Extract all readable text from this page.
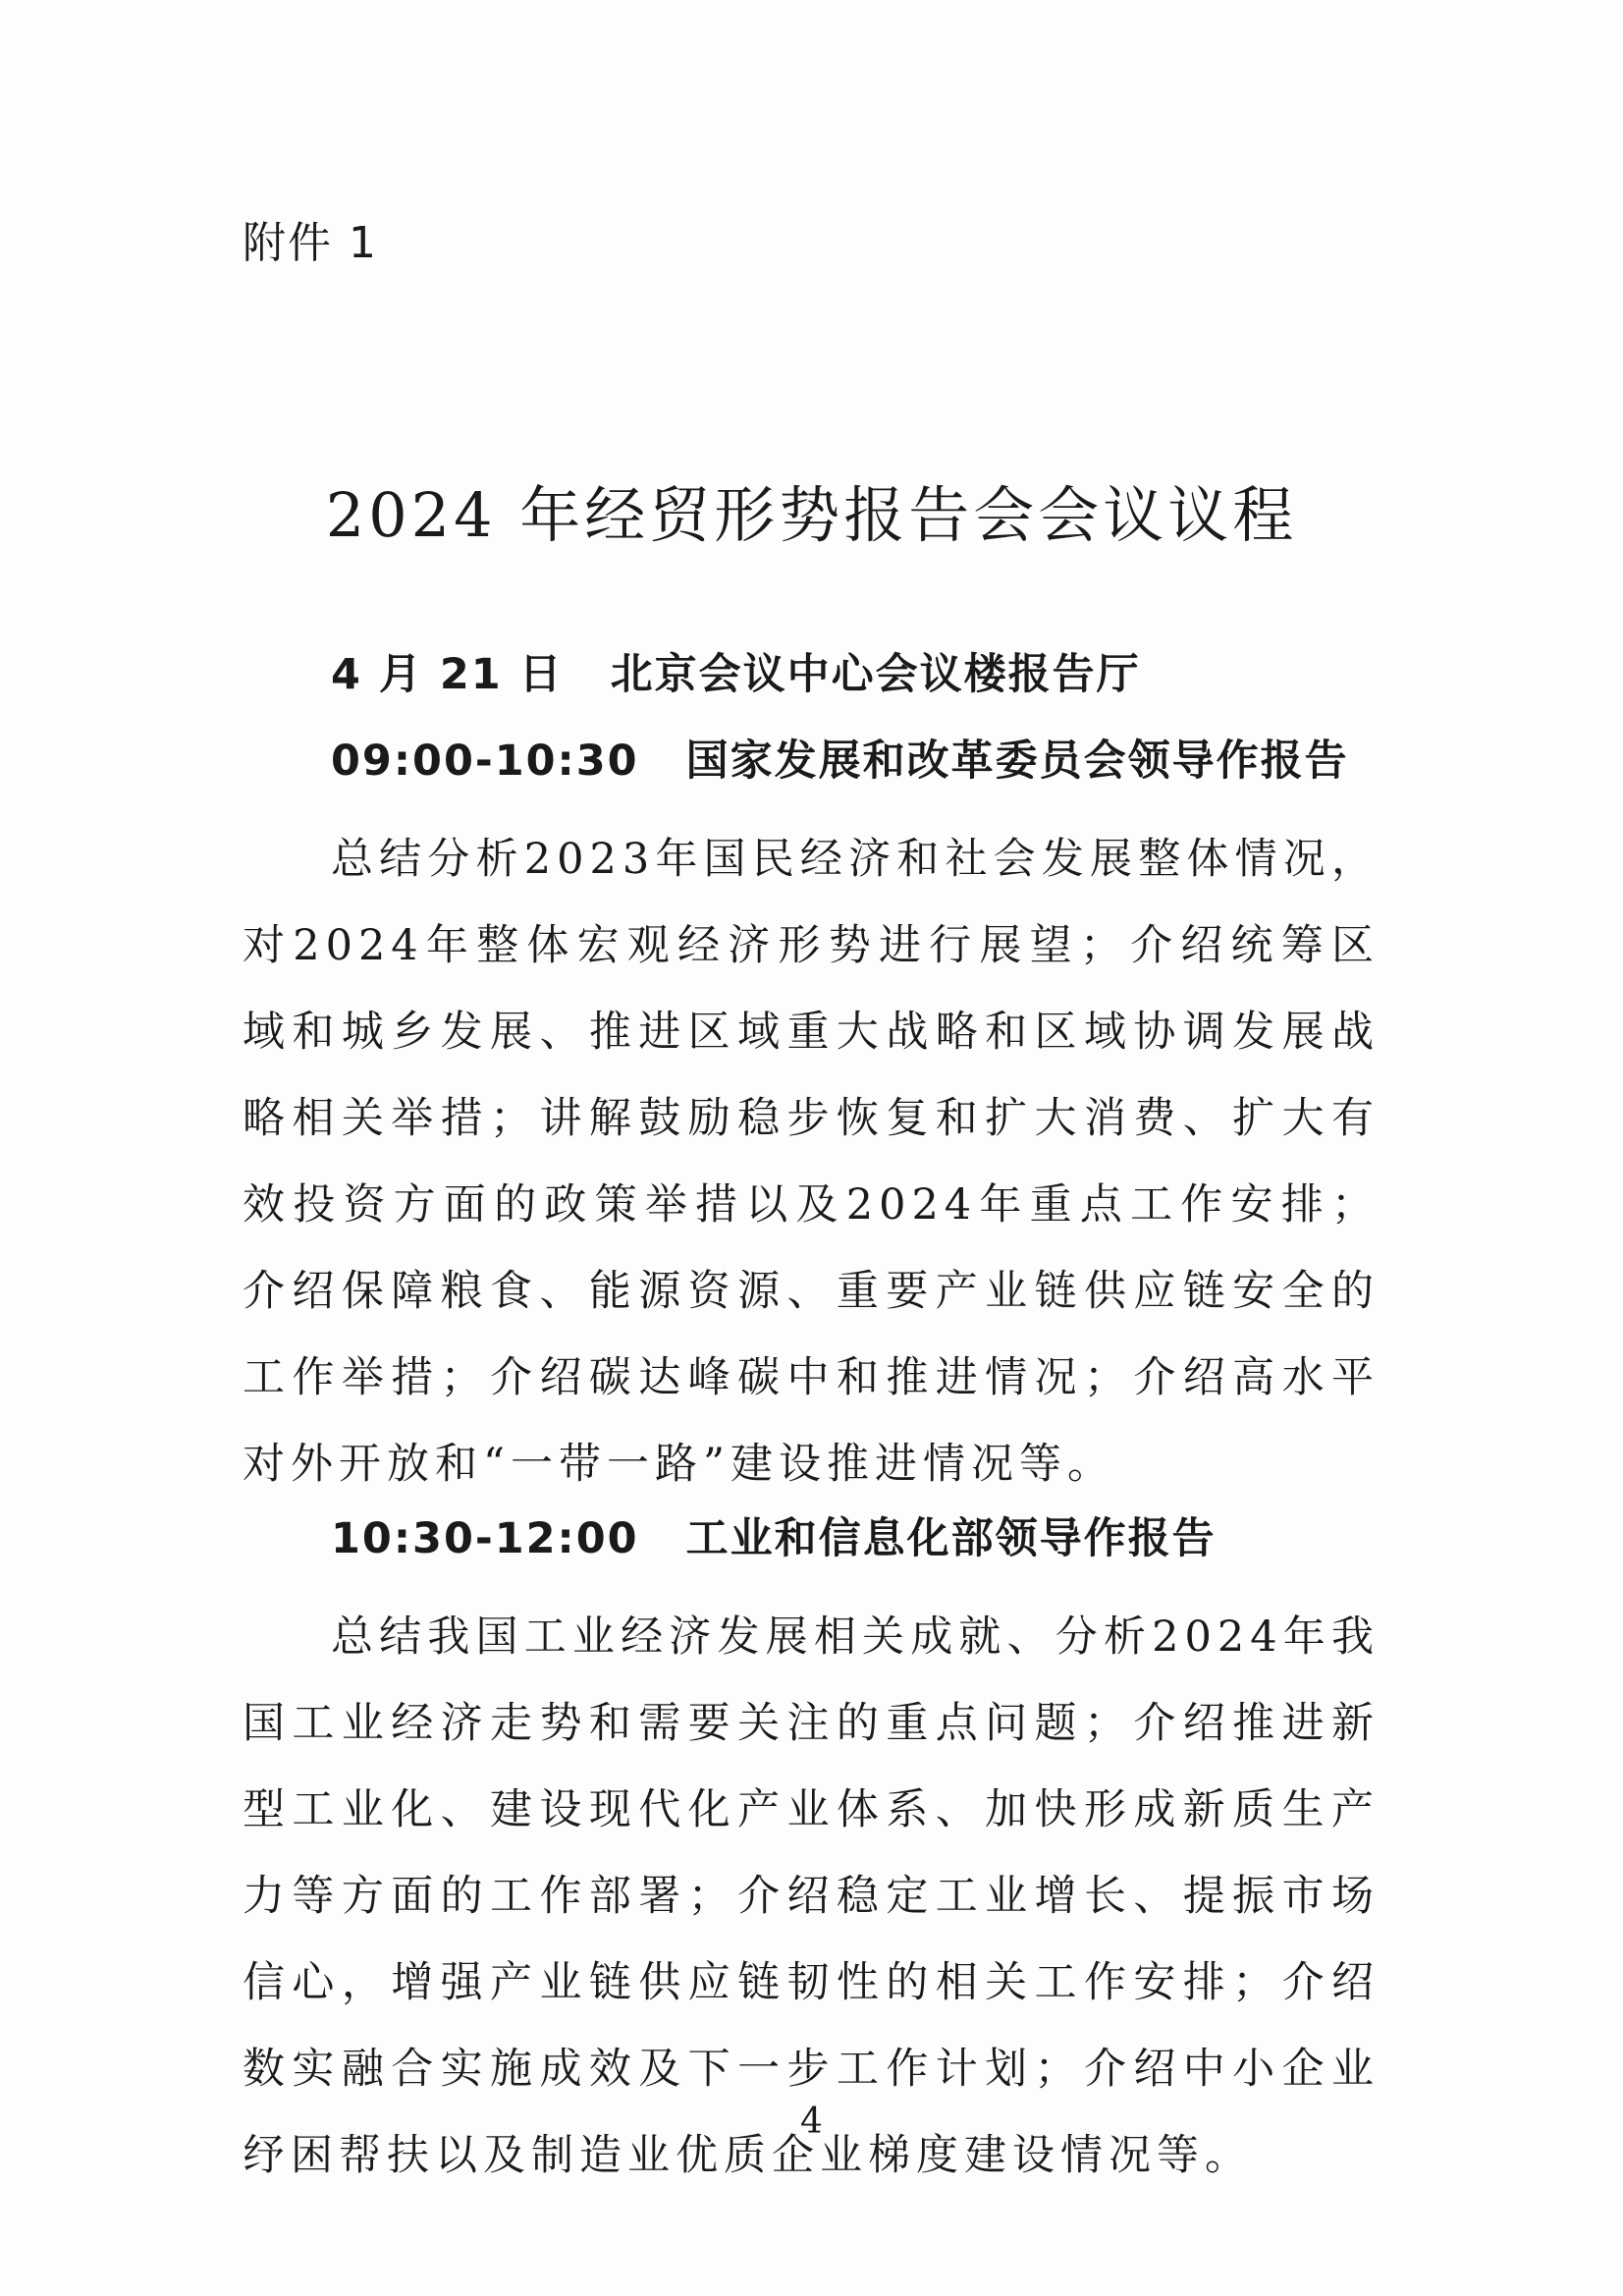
附件 1

2024 年经贸形势报告会会议议程

4 月 21 日 北京会议中心会议楼报告厅

09:00-10:30 国家发展和改革委员会领导作报告

总结分析2023年国民经济和社会发展整体情况，对2024年整体宏观经济形势进行展望；介绍统筹区域和城乡发展、推进区域重大战略和区域协调发展战略相关举措；讲解鼓励稳步恢复和扩大消费、扩大有效投资方面的政策举措以及2024年重点工作安排；介绍保障粮食、能源资源、重要产业链供应链安全的工作举措；介绍碳达峰碳中和推进情况；介绍高水平对外开放和“一带一路”建设推进情况等。

10:30-12:00 工业和信息化部领导作报告

总结我国工业经济发展相关成就、分析2024年我国工业经济走势和需要关注的重点问题；介绍推进新型工业化、建设现代化产业体系、加快形成新质生产力等方面的工作部署；介绍稳定工业增长、提振市场信心，增强产业链供应链韧性的相关工作安排；介绍数实融合实施成效及下一步工作计划；介绍中小企业纾困帮扶以及制造业优质企业梯度建设情况等。

4
